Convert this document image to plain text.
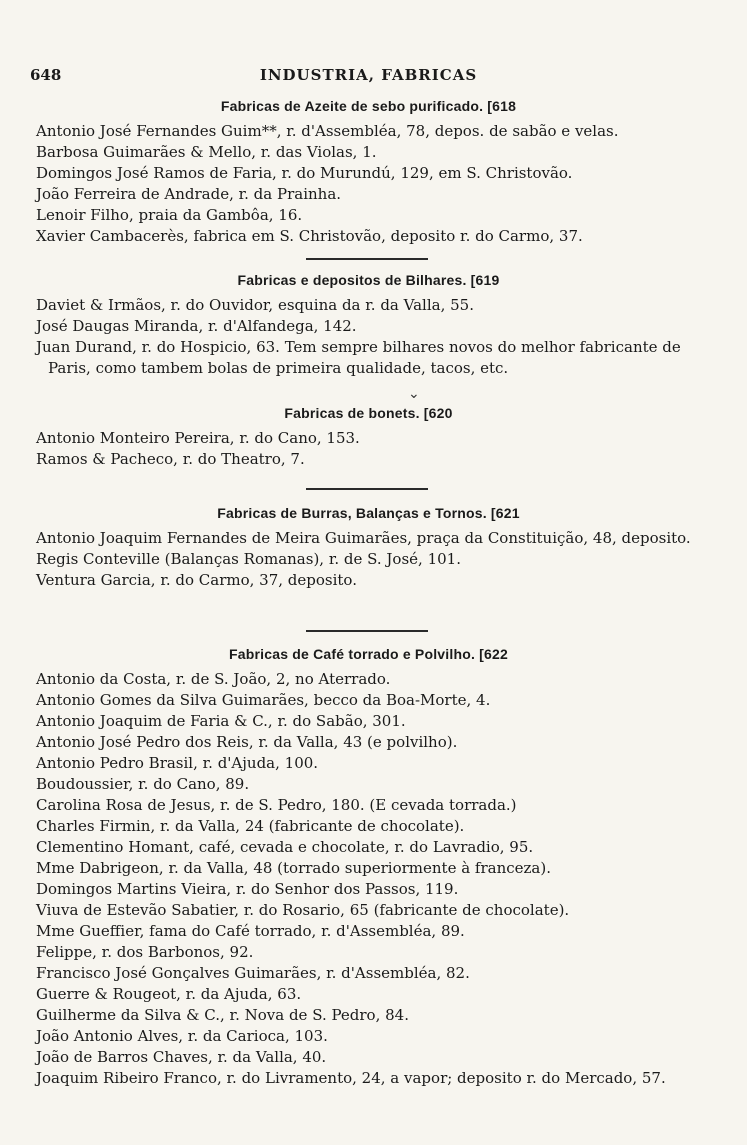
648	INDUSTRIA, FABRICAS
Fabricas de Azeite de sebo purificado. [618
Antonio José Fernandes Guim**, r. d'Assembléa, 78, depos. de sabão e velas.
Barbosa Guimarães & Mello, r. das Violas, 1.
Domingos José Ramos de Faria, r. do Murundú, 129, em S. Christovão.
João Ferreira de Andrade, r. da Prainha.
Lenoir Filho, praia da Gambôa, 16.
Xavier Cambacerès, fabrica em S. Christovão, deposito r. do Carmo, 37.
Fabricas e depositos de Bilhares. [619
Daviet & Irmãos, r. do Ouvidor, esquina da r. da Valla, 55.
José Daugas Miranda, r. d'Alfandega, 142.
Juan Durand, r. do Hospicio, 63. Tem sempre bilhares novos do melhor fabricante de Paris, como tambem bolas de primeira qualidade, tacos, etc.
⌄
Fabricas de bonets. [620
Antonio Monteiro Pereira, r. do Cano, 153.
Ramos & Pacheco, r. do Theatro, 7.
Fabricas de Burras, Balanças e Tornos. [621
Antonio Joaquim Fernandes de Meira Guimarães, praça da Constituição, 48, deposito.
Regis Conteville (Balanças Romanas), r. de S. José, 101.
Ventura Garcia, r. do Carmo, 37, deposito.
Fabricas de Café torrado e Polvilho. [622
Antonio da Costa, r. de S. João, 2, no Aterrado.
Antonio Gomes da Silva Guimarães, becco da Boa-Morte, 4.
Antonio Joaquim de Faria & C., r. do Sabão, 301.
Antonio José Pedro dos Reis, r. da Valla, 43 (e polvilho).
Antonio Pedro Brasil, r. d'Ajuda, 100.
Boudoussier, r. do Cano, 89.
Carolina Rosa de Jesus, r. de S. Pedro, 180. (E cevada torrada.)
Charles Firmin, r. da Valla, 24 (fabricante de chocolate).
Clementino Homant, café, cevada e chocolate, r. do Lavradio, 95.
Mme Dabrigeon, r. da Valla, 48 (torrado superiormente à franceza).
Domingos Martins Vieira, r. do Senhor dos Passos, 119.
Viuva de Estevão Sabatier, r. do Rosario, 65 (fabricante de chocolate).
Mme Gueffier, fama do Café torrado, r. d'Assembléa, 89.
Felippe, r. dos Barbonos, 92.
Francisco José Gonçalves Guimarães, r. d'Assembléa, 82.
Guerre & Rougeot, r. da Ajuda, 63.
Guilherme da Silva & C., r. Nova de S. Pedro, 84.
João Antonio Alves, r. da Carioca, 103.
João de Barros Chaves, r. da Valla, 40.
Joaquim Ribeiro Franco, r. do Livramento, 24, a vapor; deposito r. do Mercado, 57.
